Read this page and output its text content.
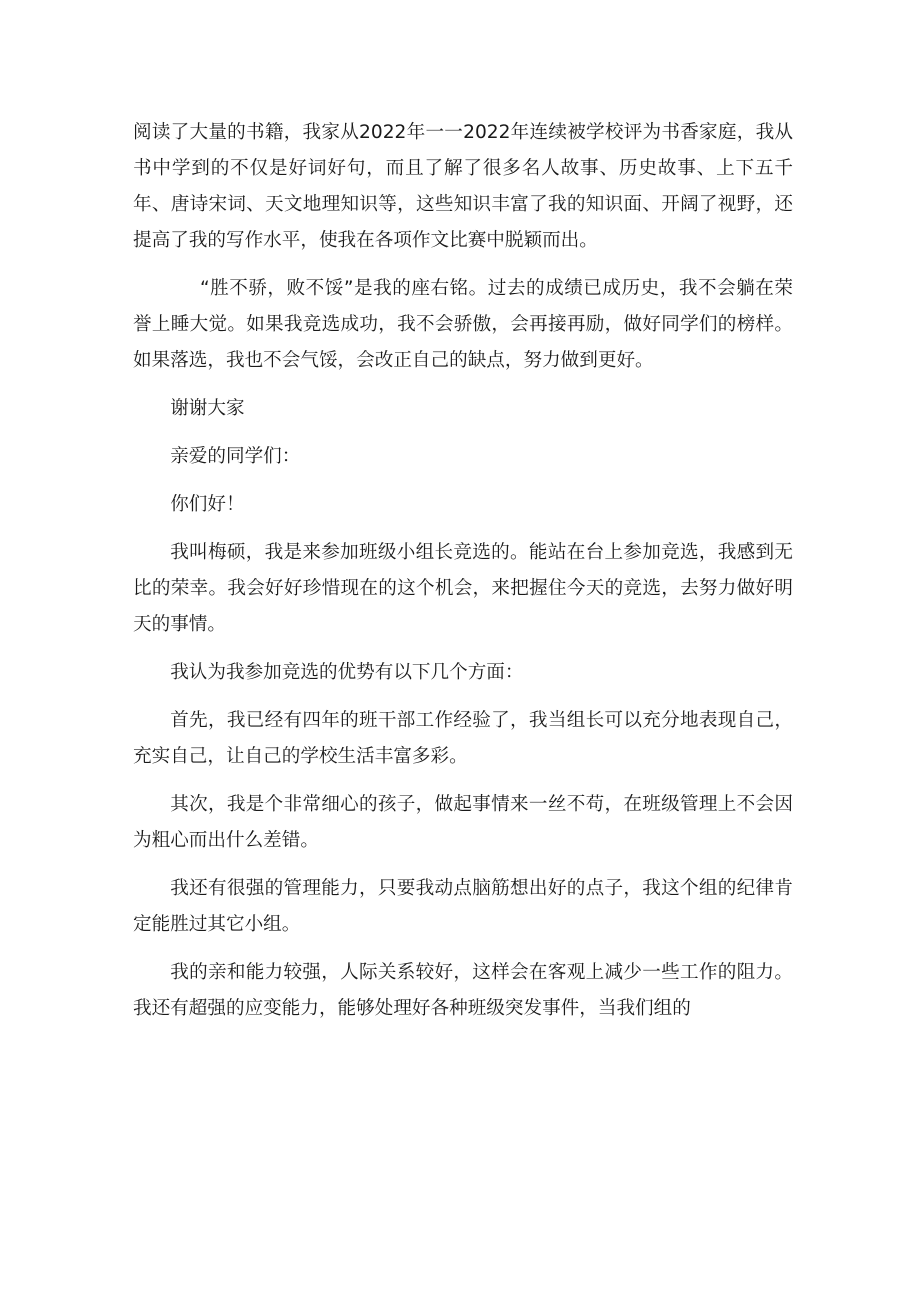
阅读了大量的书籍，我家从2022年一一2022年连续被学校评为书香家庭，我从书中学到的不仅是好词好句，而且了解了很多名人故事、历史故事、上下五千年、唐诗宋词、天文地理知识等，这些知识丰富了我的知识面、开阔了视野，还提高了我的写作水平，使我在各项作文比赛中脱颖而出。

“胜不骄，败不馁”是我的座右铭。过去的成绩已成历史，我不会躺在荣誉上睡大觉。如果我竞选成功，我不会骄傲，会再接再励，做好同学们的榜样。如果落选，我也不会气馁，会改正自己的缺点，努力做到更好。

谢谢大家

亲爱的同学们：

你们好！

我叫梅硕，我是来参加班级小组长竞选的。能站在台上参加竞选，我感到无比的荣幸。我会好好珍惜现在的这个机会，来把握住今天的竞选，去努力做好明天的事情。

我认为我参加竞选的优势有以下几个方面：

首先，我已经有四年的班干部工作经验了，我当组长可以充分地表现自己，充实自己，让自己的学校生活丰富多彩。

其次，我是个非常细心的孩子，做起事情来一丝不苟，在班级管理上不会因为粗心而出什么差错。

我还有很强的管理能力，只要我动点脑筋想出好的点子，我这个组的纪律肯定能胜过其它小组。

我的亲和能力较强，人际关系较好，这样会在客观上减少一些工作的阻力。我还有超强的应变能力，能够处理好各种班级突发事件，当我们组的
